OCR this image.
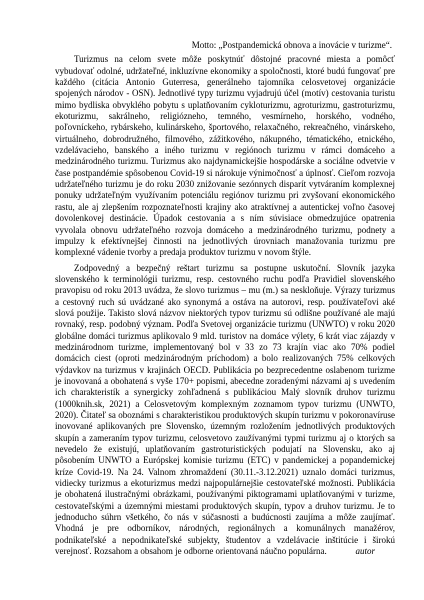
Motto: „Postpandemická obnova a inovácie v turizme“.

Turizmus na celom svete môže poskytnúť dôstojné pracovné miesta a pomôcť vybudovať odolné, udržateľné, inkluzívne ekonomiky a spoločnosti, ktoré budú fungovať pre každého (citácia Antonio Guterresa, generálneho tajomníka celosvetovej organizácie spojených národov - OSN). Jednotlivé typy turizmu vyjadrujú účel (motív) cestovania turistu mimo bydliska obvyklého pobytu s uplatňovaním cykloturizmu, agroturizmu, gastroturizmu, ekoturizmu, sakrálneho, religiózneho, temného, vesmírneho, horského, vodného, poľovníckeho, rybárskeho, kulinárskeho, športového, relaxačného, rekreačného, vinárskeho, virtuálneho, dobrodružného, filmového, zážitkového, nákupného, tématického, etnického, vzdelávacieho, banského a iného turizmu v regiónoch turizmu v rámci domáceho a medzinárodného turizmu. Turizmus ako najdynamickejšie hospodárske a sociálne odvetvie v čase postpandémie spôsobenou Covid-19 si nárokuje výnimočnosť a úplnosť. Cieľom rozvoja udržateľného turizmu je do roku 2030 znižovanie sezónnych disparít vytváraním komplexnej ponuky udržateľným využívaním potenciálu regiónov turizmu pri zvyšovaní ekonomického rastu, ale aj zlepšením rozpoznateľnosti krajiny ako atraktívnej a autentickej voľno časovej dovolenkovej destinácie. Úpadok cestovania a s ním súvisiace obmedzujúce opatrenia vyvolala obnovu udržateľného rozvoja domáceho a medzinárodného turizmu, podnety a impulzy k efektívnejšej činnosti na jednotlivých úrovniach manažovania turizmu pre komplexné vádenie tvorby a predaja produktov turizmu v novom štýle.

Zodpovedný a bezpečný reštart turizmu sa postupne uskutoční. Slovník jazyka slovenského k terminológii turizmu, resp. cestovného ruchu podľa Pravidiel slovenského pravopisu od roku 2013 uvádza, že slovo turizmus – mu (m.) sa neskloňuje. Výrazy turizmus a cestovný ruch sú uvádzané ako synonymá a ostáva na autorovi, resp. používateľovi aké slová použije. Takisto slová názvov niektorých typov turizmu sú odlišne používané ale majú rovnaký, resp. podobný význam. Podľa Svetovej organizácie turizmu (UNWTO) v roku 2020 globálne domáci turizmus aplikovalo 9 mld. turistov na domáce výlety, 6 krát viac zájazdy v medzinárodnom turizme, implementovaný bol v 33 zo 73 krajín viac ako 70% podiel domácich ciest (oproti medzinárodným príchodom) a bolo realizovaných 75% celkových výdavkov na turizmus v krajinách OECD. Publikácia po bezprecedentne oslabenom turizme je inovovaná a obohatená s vyše 170+ popismi, abecedne zoradenými názvami aj s uvedením ich charakteristík a synergicky zohľadnená s publikáciou Malý slovník druhov turizmu (1000knih.sk, 2021) a Celosvetovým komplexným zoznamom typov turizmu (UNWTO, 2020). Čitateľ sa oboznámi s charakteristikou produktových skupín turizmu v pokoronavíruse inovované aplikovaných pre Slovensko, územným rozložením jednotlivých produktových skupín a zameraním typov turizmu, celosvetovo zaužívanými typmi turizmu aj o ktorých sa nevedelo že existujú, uplatňovaním gastroturistických podujatí na Slovensku, ako aj pôsobením UNWTO a Európskej komisie turizmu (ETC) v pandemickej a popandemickej kríze Covid-19. Na 24. Valnom zhromaždení (30.11.-3.12.2021) uznalo domáci turizmus, vidiecky turizmus a ekoturizmus medzi najpopulárnejšie cestovateľské možnosti. Publikácia je obohatená ilustračnými obrázkami, používanými piktogramami uplatňovanými v turizme, cestovateľskými a územnými miestami produktových skupín, typov a druhov turizmu. Je to jednoducho súhrn všetkého, čo nás v súčasnosti a budúcnosti zaujíma a môže zaujímať. Vhodná je pre odborníkov, národných, regionálnych a komunálnych manažérov, podnikateľské a nepodnikateľské subjekty, študentov a vzdelávacie inštitúcie i širokú verejnosť. Rozsahom a obsahom je odborne orientovaná náučno populárna.	autor
